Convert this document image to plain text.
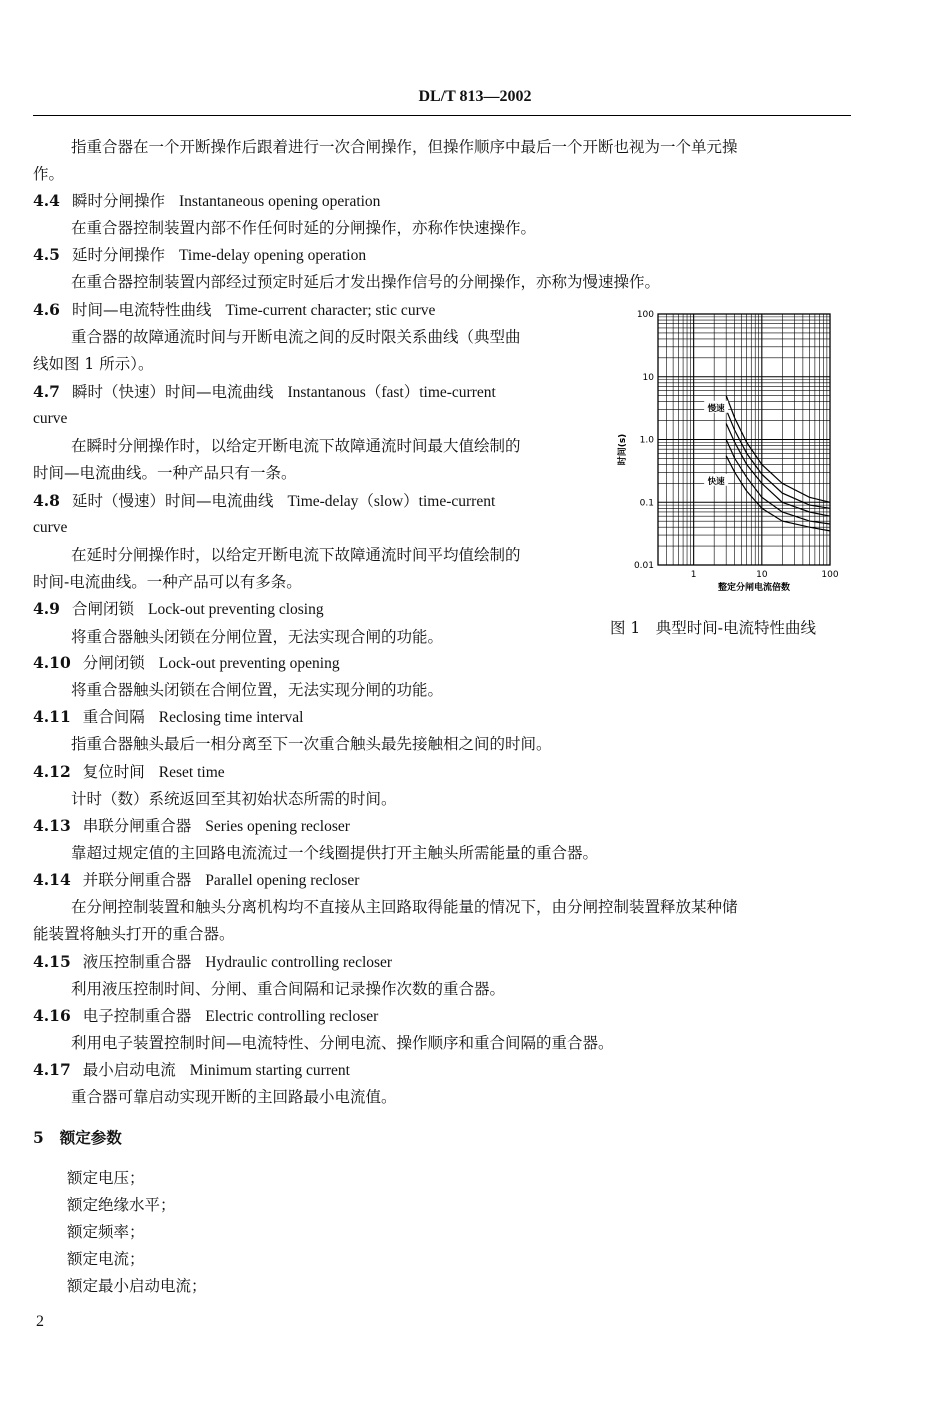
DL/T 813—2002
指重合器在一个开断操作后跟着进行一次合闸操作，但操作顺序中最后一个开断也视为一个单元操
作。
4.4 瞬时分闸操作 Instantaneous opening operation
在重合器控制装置内部不作任何时延的分闸操作，亦称作快速操作。
4.5 延时分闸操作 Time-delay opening operation
在重合器控制装置内部经过预定时延后才发出操作信号的分闸操作，亦称为慢速操作。
4.6 时间—电流特性曲线 Time-current character; stic curve
重合器的故障通流时间与开断电流之间的反时限关系曲线（典型曲
线如图 1 所示）。
4.7 瞬时（快速）时间—电流曲线 Instantanous（fast）time-current
curve
在瞬时分闸操作时，以给定开断电流下故障通流时间最大值绘制的
时间—电流曲线。一种产品只有一条。
4.8 延时（慢速）时间—电流曲线 Time-delay（slow）time-current
curve
在延时分闸操作时，以给定开断电流下故障通流时间平均值绘制的
时间-电流曲线。一种产品可以有多条。
4.9 合闸闭锁 Lock-out preventing closing
将重合器触头闭锁在分闸位置，无法实现合闸的功能。
4.10 分闸闭锁 Lock-out preventing opening
将重合器触头闭锁在合闸位置，无法实现分闸的功能。
4.11 重合间隔 Reclosing time interval
指重合器触头最后一相分离至下一次重合触头最先接触相之间的时间。
4.12 复位时间 Reset time
计时（数）系统返回至其初始状态所需的时间。
4.13 串联分闸重合器 Series opening recloser
靠超过规定值的主回路电流流过一个线圈提供打开主触头所需能量的重合器。
4.14 并联分闸重合器 Parallel opening recloser
在分闸控制装置和触头分离机构均不直接从主回路取得能量的情况下，由分闸控制装置释放某种储
能装置将触头打开的重合器。
4.15 液压控制重合器 Hydraulic controlling recloser
利用液压控制时间、分闸、重合间隔和记录操作次数的重合器。
4.16 电子控制重合器 Electric controlling recloser
利用电子装置控制时间—电流特性、分闸电流、操作顺序和重合间隔的重合器。
4.17 最小启动电流 Minimum starting current
重合器可靠启动实现开断的主回路最小电流值。
5 额定参数
额定电压；
额定绝缘水平；
额定频率；
额定电流；
额定最小启动电流；
2
100
10
1.0
0.1
0.01
1	10	100
整定分闸电流倍数
时间(s)
慢速
快速
图 1　典型时间-电流特性曲线
